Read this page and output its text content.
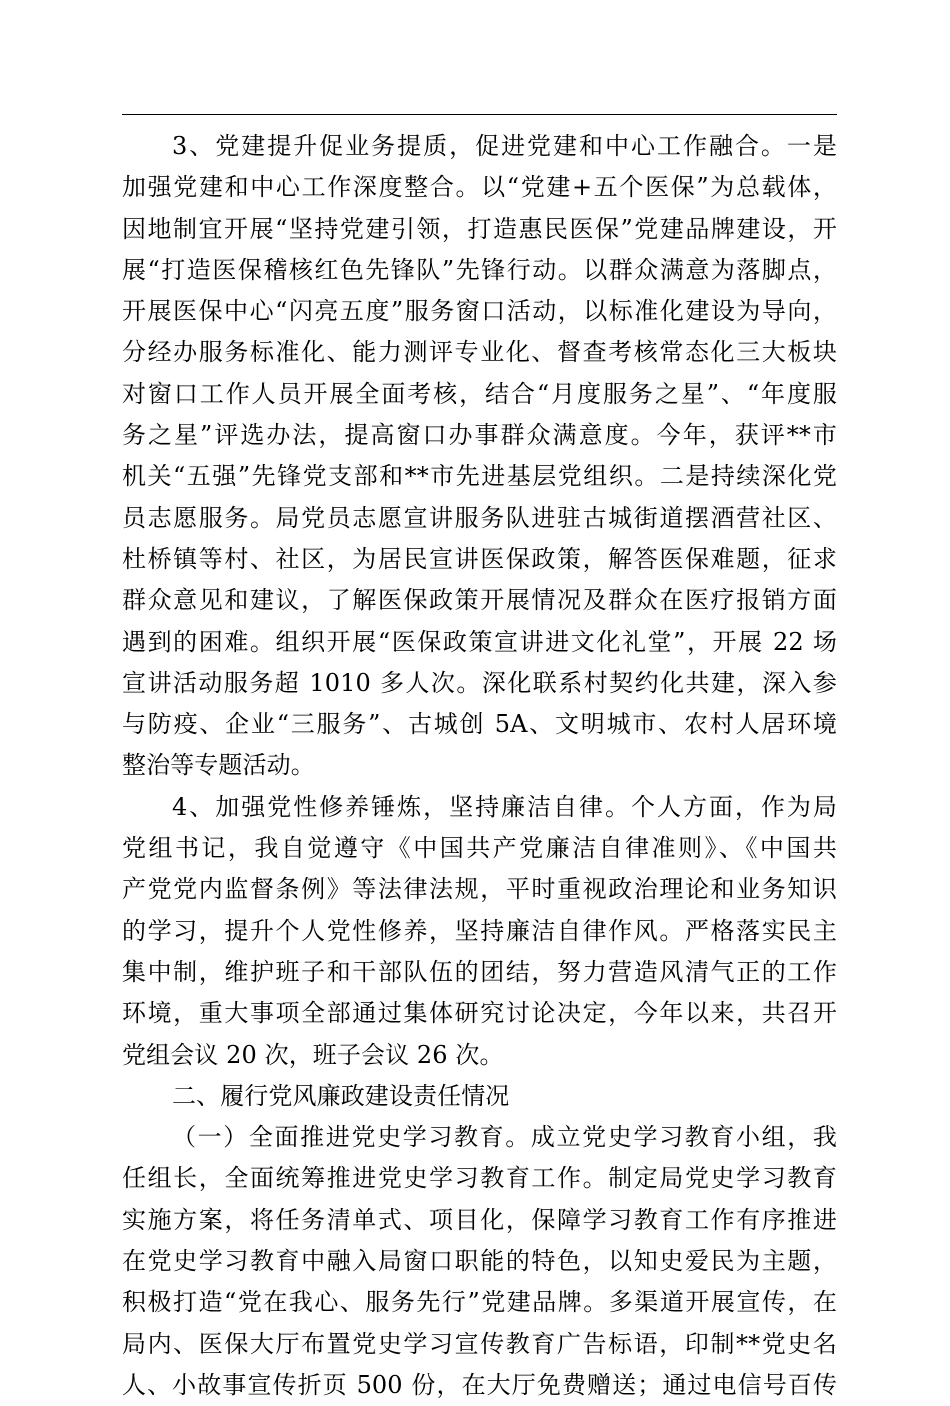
3、党建提升促业务提质，促进党建和中心工作融合。一是
加强党建和中心工作深度整合。以“党建+五个医保”为总载体，
因地制宜开展“坚持党建引领，打造惠民医保”党建品牌建设，开
展“打造医保稽核红色先锋队”先锋行动。以群众满意为落脚点，
开展医保中心“闪亮五度”服务窗口活动，以标准化建设为导向，
分经办服务标准化、能力测评专业化、督查考核常态化三大板块
对窗口工作人员开展全面考核，结合“月度服务之星”、“年度服
务之星”评选办法，提高窗口办事群众满意度。今年，获评**市
机关“五强”先锋党支部和**市先进基层党组织。二是持续深化党
员志愿服务。局党员志愿宣讲服务队进驻古城街道摆酒营社区、
杜桥镇等村、社区，为居民宣讲医保政策，解答医保难题，征求
群众意见和建议，了解医保政策开展情况及群众在医疗报销方面
遇到的困难。组织开展“医保政策宣讲进文化礼堂”，开展 22 场
宣讲活动服务超 1010 多人次。深化联系村契约化共建，深入参
与防疫、企业“三服务”、古城创 5A、文明城市、农村人居环境
整治等专题活动。
4、加强党性修养锤炼，坚持廉洁自律。个人方面，作为局
党组书记，我自觉遵守《中国共产党廉洁自律准则》、《中国共
产党党内监督条例》等法律法规，平时重视政治理论和业务知识
的学习，提升个人党性修养，坚持廉洁自律作风。严格落实民主
集中制，维护班子和干部队伍的团结，努力营造风清气正的工作
环境，重大事项全部通过集体研究讨论决定，今年以来，共召开
党组会议 20 次，班子会议 26 次。
二、履行党风廉政建设责任情况
（一）全面推进党史学习教育。成立党史学习教育小组，我
任组长，全面统筹推进党史学习教育工作。制定局党史学习教育
实施方案，将任务清单式、项目化，保障学习教育工作有序推进
在党史学习教育中融入局窗口职能的特色，以知史爱民为主题，
积极打造“党在我心、服务先行”党建品牌。多渠道开展宣传，在
局内、医保大厅布置党史学习宣传教育广告标语，印制**党史名
人、小故事宣传折页 500 份，在大厅免费赠送；通过电信号百传
